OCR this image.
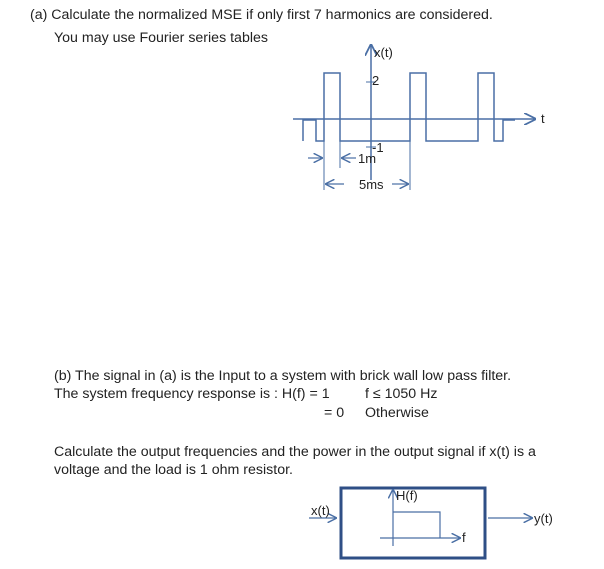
(a) Calculate the normalized MSE if only first 7 harmonics are considered.
You may use Fourier series tables
(b) The signal in (a) is the Input to a system with brick wall low pass filter.
The system frequency response is : H(f) = 1 f ≤ 1050 Hz
= 0 Otherwise
Calculate the output frequencies and the power in the output signal if x(t) is a
voltage and the load is 1 ohm resistor.
x(t)
2
-1
1m
5ms
t
x(t)
H(f)
f
y(t)
